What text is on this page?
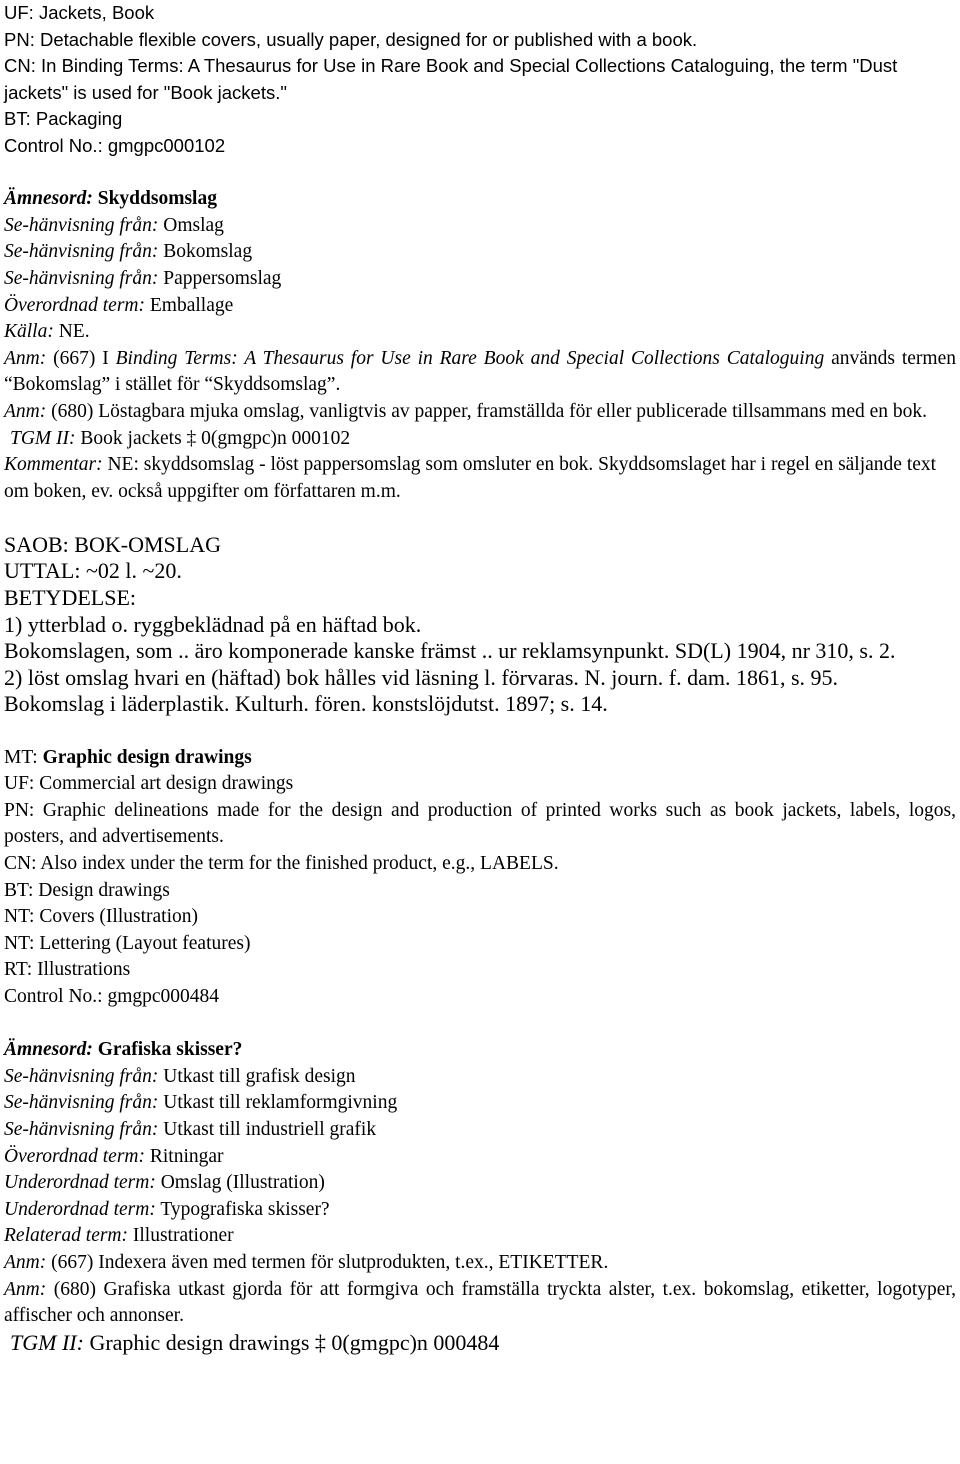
UF: Jackets, Book

PN: Detachable flexible covers, usually paper, designed for or published with a book.

CN: In Binding Terms: A Thesaurus for Use in Rare Book and Special Collections Cataloguing, the term "Dust jackets" is used for "Book jackets."

BT: Packaging

Control No.: gmgpc000102

Ämnesord: Skyddsomslag

Se-hänvisning från: Omslag

Se-hänvisning från: Bokomslag

Se-hänvisning från: Pappersomslag

Överordnad term: Emballage

Källa: NE.

Anm: (667) I Binding Terms: A Thesaurus for Use in Rare Book and Special Collections Cataloguing används termen “Bokomslag” i stället för “Skyddsomslag”.

Anm: (680) Löstagbara mjuka omslag, vanligtvis av papper, framställda för eller publicerade tillsammans med en bok.

TGM II: Book jackets ‡ 0(gmgpc)n 000102

Kommentar: NE: skyddsomslag - löst pappersomslag som omsluter en bok. Skyddsomslaget har i regel en säljande text om boken, ev. också uppgifter om författaren m.m.

SAOB: BOK-OMSLAG

UTTAL: ~02 l. ~20.

BETYDELSE:

1) ytterblad o. ryggbeklädnad på en häftad bok.

Bokomslagen, som .. äro komponerade kanske främst .. ur reklamsynpunkt. SD(L) 1904, nr 310, s. 2.

2) löst omslag hvari en (häftad) bok hålles vid läsning l. förvaras. N. journ. f. dam. 1861, s. 95.

Bokomslag i läderplastik. Kulturh. fören. konstslöjdutst. 1897; s. 14.

MT: Graphic design drawings

UF: Commercial art design drawings

PN: Graphic delineations made for the design and production of printed works such as book jackets, labels, logos, posters, and advertisements.

CN: Also index under the term for the finished product, e.g., LABELS.

BT: Design drawings

NT: Covers (Illustration)

NT: Lettering (Layout features)

RT: Illustrations

Control No.: gmgpc000484

Ämnesord: Grafiska skisser?

Se-hänvisning från: Utkast till grafisk design

Se-hänvisning från: Utkast till reklamformgivning

Se-hänvisning från: Utkast till industriell grafik

Överordnad term: Ritningar

Underordnad term: Omslag (Illustration)

Underordnad term: Typografiska skisser?

Relaterad term: Illustrationer

Anm: (667) Indexera även med termen för slutprodukten, t.ex., ETIKETTER.

Anm: (680) Grafiska utkast gjorda för att formgiva och framställa tryckta alster, t.ex. bokomslag, etiketter, logotyper, affischer och annonser.

TGM II: Graphic design drawings ‡ 0(gmgpc)n 000484
